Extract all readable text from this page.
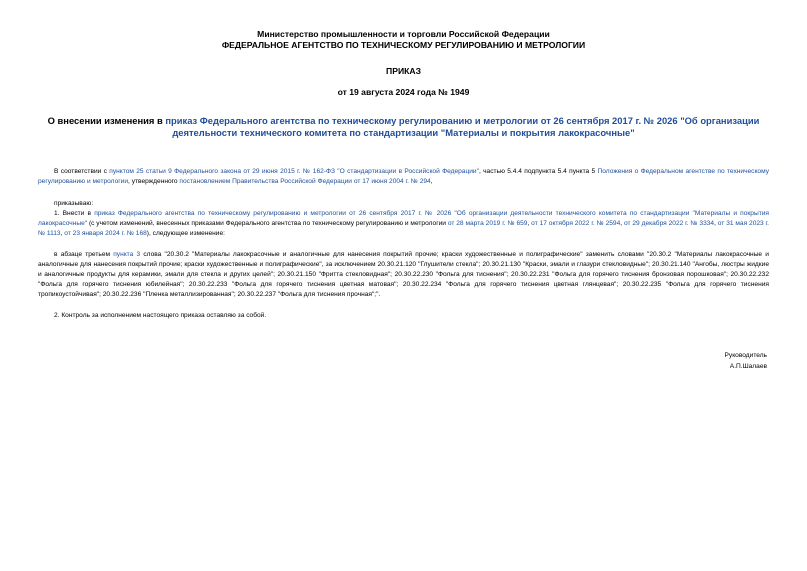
Министерство промышленности и торговли Российской Федерации
ФЕДЕРАЛЬНОЕ АГЕНТСТВО ПО ТЕХНИЧЕСКОМУ РЕГУЛИРОВАНИЮ И МЕТРОЛОГИИ
ПРИКАЗ
от 19 августа 2024 года № 1949
О внесении изменения в приказ Федерального агентства по техническому регулированию и метрологии от 26 сентября 2017 г. № 2026 "Об организации деятельности технического комитета по стандартизации "Материалы и покрытия лакокрасочные"
В соответствии с пунктом 25 статьи 9 Федерального закона от 29 июня 2015 г. № 162-ФЗ "О стандартизации в Российской Федерации", частью 5.4.4 подпункта 5.4 пункта 5 Положения о Федеральном агентстве по техническому регулированию и метрологии, утвержденного постановлением Правительства Российской Федерации от 17 июня 2004 г. № 294,
приказываю:
1. Внести в приказ Федерального агентства по техническому регулированию и метрологии от 26 сентября 2017 г. № 2026 "Об организации деятельности технического комитета по стандартизации "Материалы и покрытия лакокрасочные" (с учетом изменений, внесенных приказами Федерального агентства по техническому регулированию и метрологии от 28 марта 2019 г. № 659, от 17 октября 2022 г. № 2594, от 29 декабря 2022 г. № 3334, от 31 мая 2023 г. № 1113, от 23 января 2024 г. № 168), следующее изменение:
в абзаце третьем пункта 3 слова "20.30.2 "Материалы лакокрасочные и аналогичные для нанесения покрытий прочие; краски художественные и полиграфические" заменить словами "20.30.2 "Материалы лакокрасочные и аналогичные для нанесения покрытий прочие; краски художественные и полиграфические", за исключением 20.30.21.120 "Глушители стекла"; 20.30.21.130 "Краски, эмали и глазури стекловидные"; 20.30.21.140 "Ангобы, люстры жидкие и аналогичные продукты для керамики, эмали для стекла и других целей"; 20.30.21.150 "Фритта стекловидная"; 20.30.22.230 "Фольга для тиснения"; 20.30.22.231 "Фольга для горячего тиснения бронзовая порошковая"; 20.30.22.232 "Фольга для горячего тиснения юбилейная"; 20.30.22.233 "Фольга для горячего тиснения цветная матовая"; 20.30.22.234 "Фольга для горячего тиснения цветная глянцевая"; 20.30.22.235 "Фольга для горячего тиснения тропикоустойчивая"; 20.30.22.236 "Пленка металлизированная"; 20.30.22.237 "Фольга для тиснения прочная";".
2. Контроль за исполнением настоящего приказа оставляю за собой.
Руководитель
А.П.Шалаев
